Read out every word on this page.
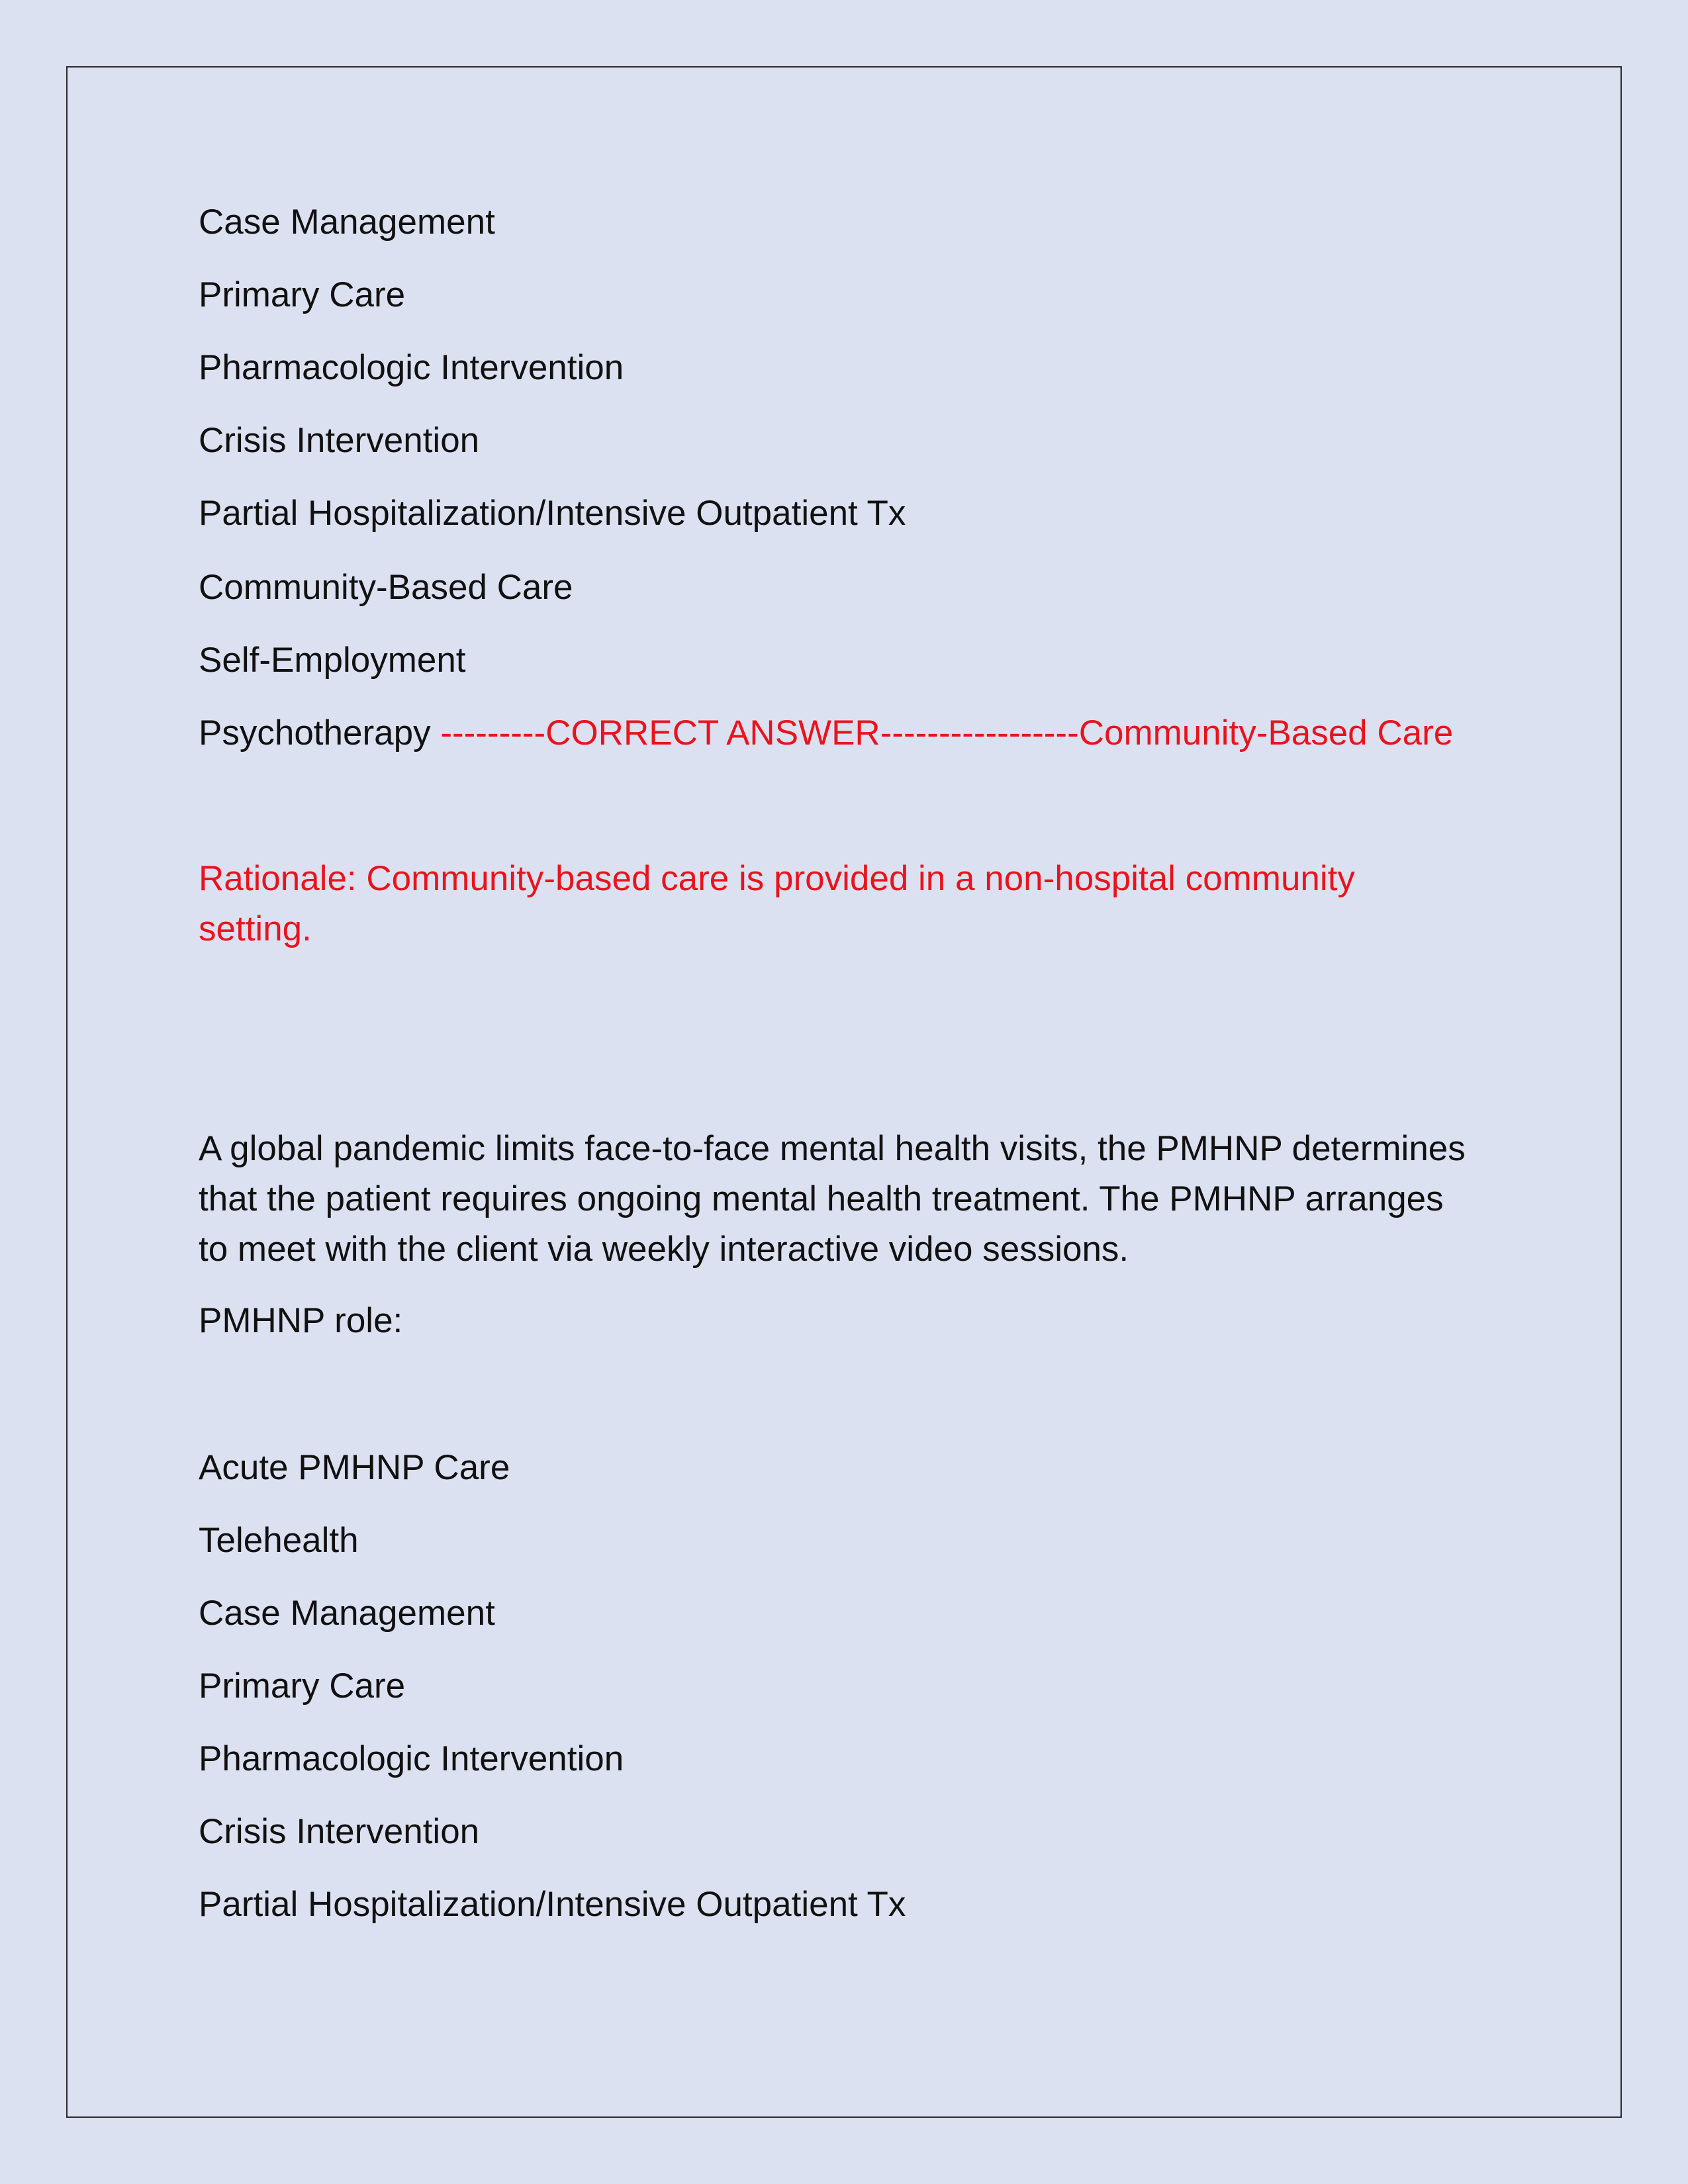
Case Management
Primary Care
Pharmacologic Intervention
Crisis Intervention
Partial Hospitalization/Intensive Outpatient Tx
Community-Based Care
Self-Employment
Psychotherapy ---------CORRECT ANSWER-----------------Community-Based Care
Rationale: Community-based care is provided in a non-hospital community
setting.
A global pandemic limits face-to-face mental health visits, the PMHNP determines
that the patient requires ongoing mental health treatment. The PMHNP arranges
to meet with the client via weekly interactive video sessions.
PMHNP role:
Acute PMHNP Care
Telehealth
Case Management
Primary Care
Pharmacologic Intervention
Crisis Intervention
Partial Hospitalization/Intensive Outpatient Tx
